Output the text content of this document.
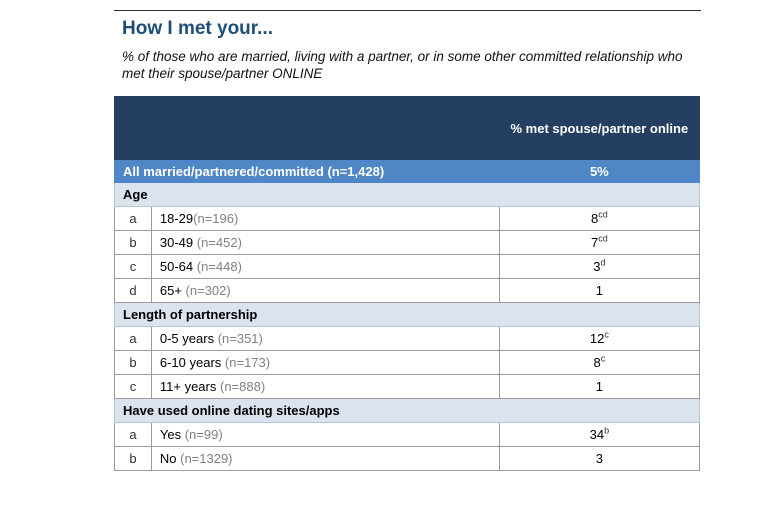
How I met your...
% of those who are married, living with a partner, or in some other committed relationship who met their spouse/partner ONLINE
		% met spouse/partner online
All married/partnered/committed (n=1,428)		5%
Age		
a	18-29(n=196)	$8^{cd}$
b	30-49 (n=452)	$7^{cd}$
c	50-64 (n=448)	3$^d$
d	65+ (n=302)	1
Length of partnership		
a	0-5 years (n=351)	12$^c$
b	6-10 years (n=173)	8$^c$
c	11+ years (n=888)	1
Have used online dating sites/apps		
a	Yes (n=99)	34$^b$
b	No (n=1329)	3
